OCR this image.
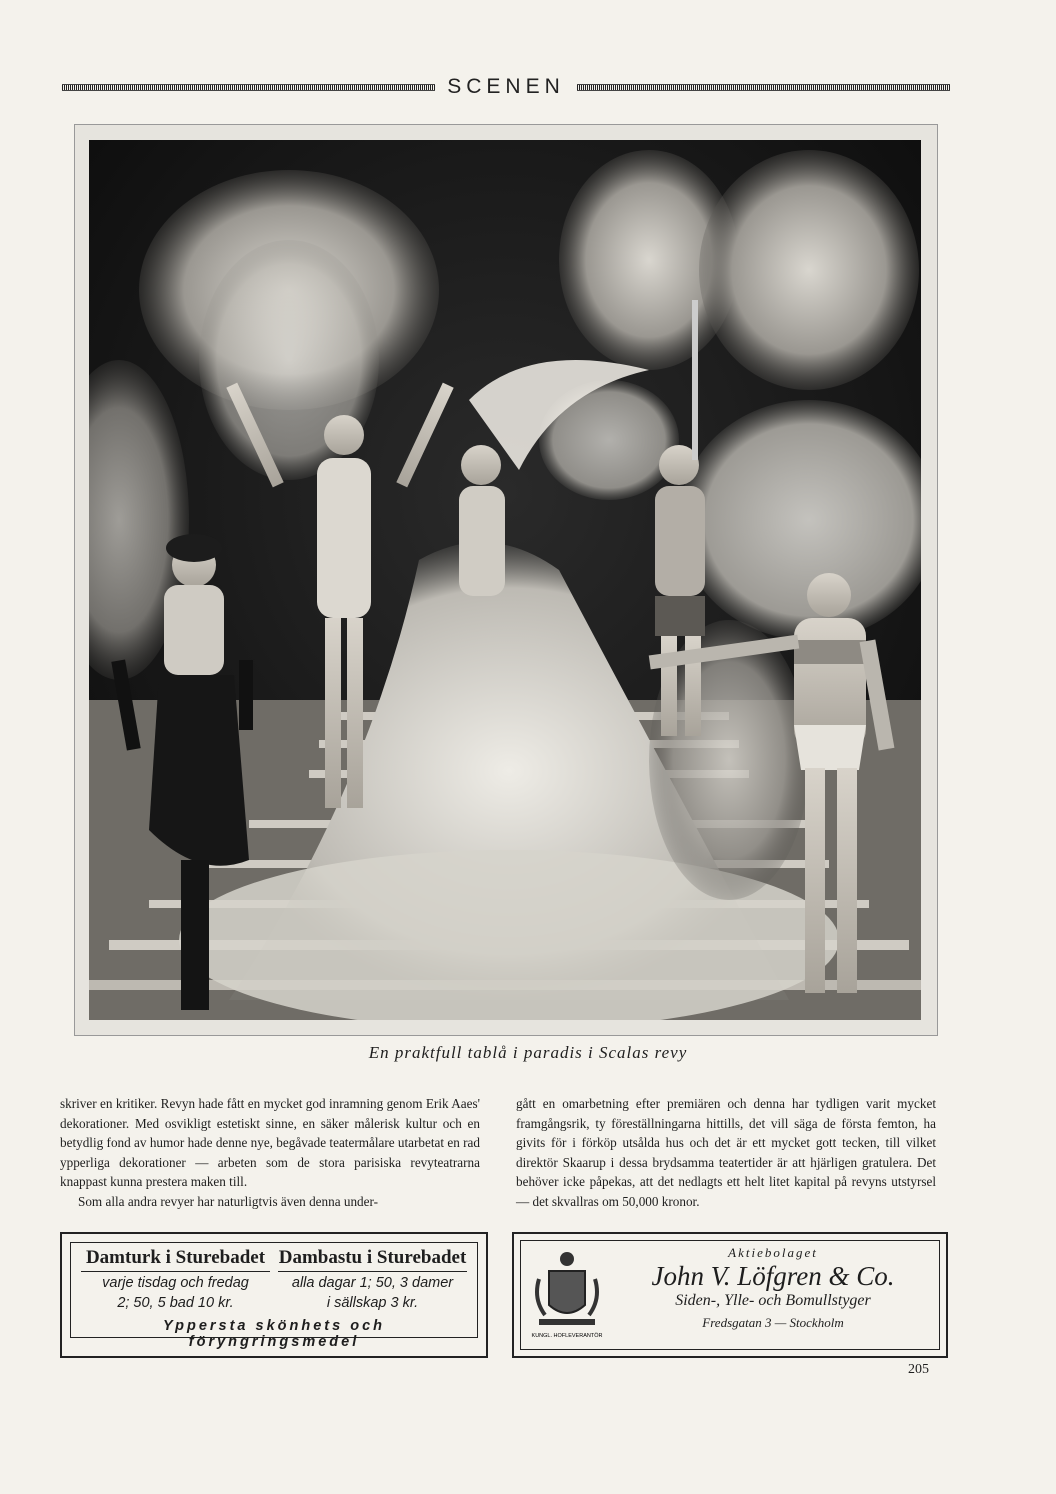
SCENEN
En praktfull tablå i paradis i Scalas revy

skriver en kritiker. Revyn hade fått en mycket god inramning genom Erik Aaes' dekorationer. Med osvikligt estetiskt sinne, en säker målerisk kultur och en betydlig fond av humor hade denne nye, begåvade teatermålare utarbetat en rad ypperliga dekorationer — arbeten som de stora parisiska revyteatrarna knappast kunna prestera maken till.

Som alla andra revyer har naturligtvis även denna under-

gått en omarbetning efter premiären och denna har tydligen varit mycket framgångsrik, ty föreställningarna hittills, det vill säga de första femton, ha givits för i förköp utsålda hus och det är ett mycket gott tecken, till vilket direktör Skaarup i dessa brydsamma teatertider är att hjärligen gratulera. Det behöver icke påpekas, att det nedlagts ett helt litet kapital på revyns utstyrsel — det skvallras om 50,000 kronor.

Damturk i Sturebadet
varje tisdag och fredag
2; 50, 5 bad 10 kr.
Dambastu i Sturebadet
alla dagar 1; 50, 3 damer
i sällskap 3 kr.
Yppersta skönhets och föryngringsmedel	KUNGL. HOFLEVERANTÖR
Aktiebolaget
John V. Löfgren & Co.
Siden-, Ylle- och Bomullstyger
Fredsgatan 3 — Stockholm
205
